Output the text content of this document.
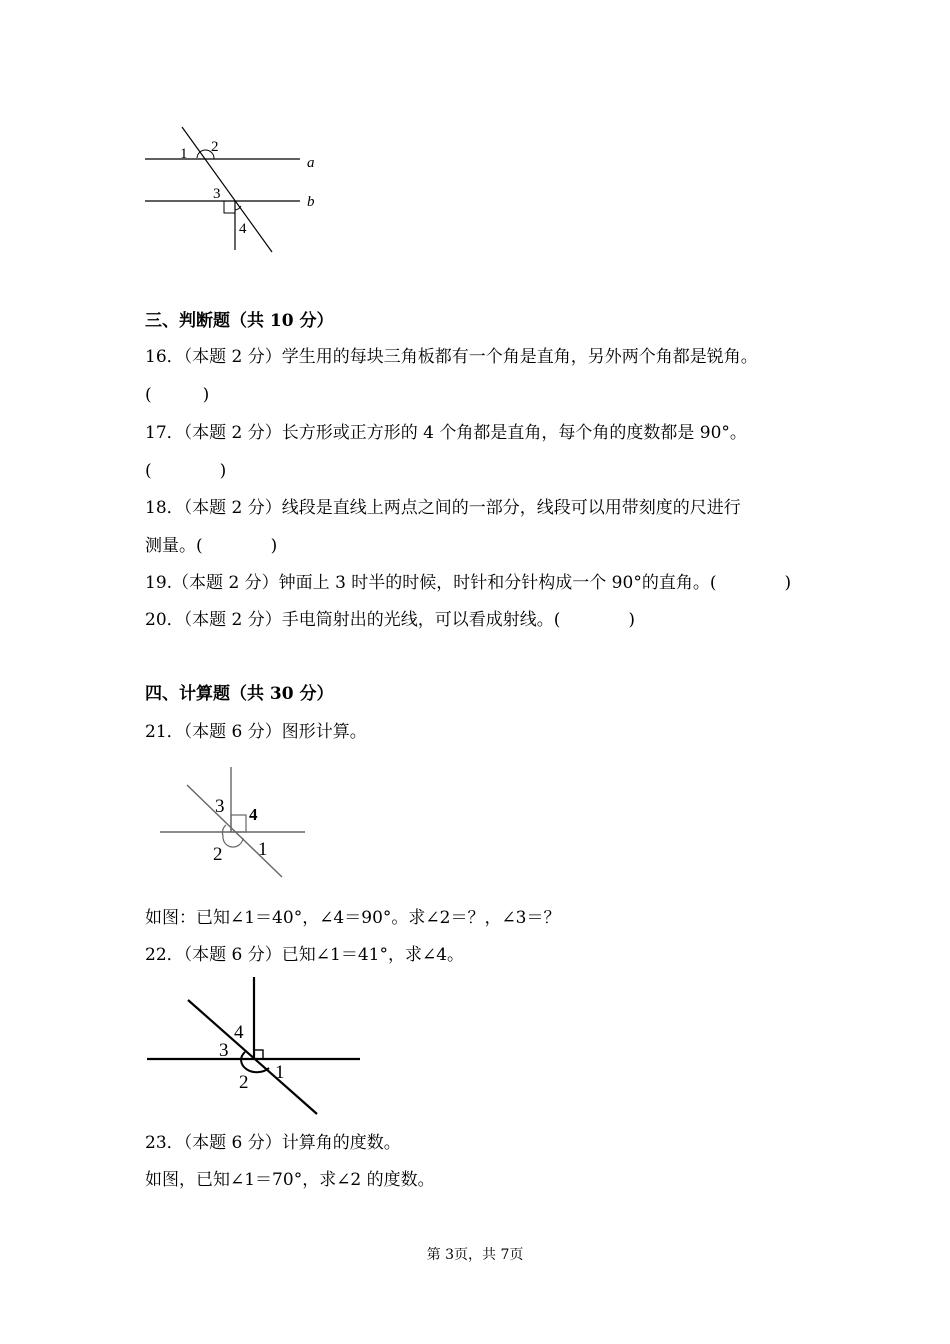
1 2
3
4
a
b
三、判断题（共 10 分）
16．（本题 2 分）学生用的每块三角板都有一个角是直角，另外两个角都是锐角。
(　　　)
17．（本题 2 分）长方形或正方形的 4 个角都是直角，每个角的度数都是 90°。
(　　　　)
18．（本题 2 分）线段是直线上两点之间的一部分，线段可以用带刻度的尺进行
测量。(　　　　)
19.（本题 2 分）钟面上 3 时半的时候，时针和分针构成一个 90°的直角。(　　　　)
20．（本题 2 分）手电筒射出的光线，可以看成射线。(　　　　)
四、计算题（共 30 分）
21．（本题 6 分）图形计算。
3 4
2 1
如图：已知∠1＝40°，∠4＝90°。求∠2＝？，∠3＝？
22．（本题 6 分）已知∠1＝41°，求∠4。
4
3
2 1
23．（本题 6 分）计算角的度数。
如图，已知∠1＝70°，求∠2 的度数。
第 3页，共 7页
